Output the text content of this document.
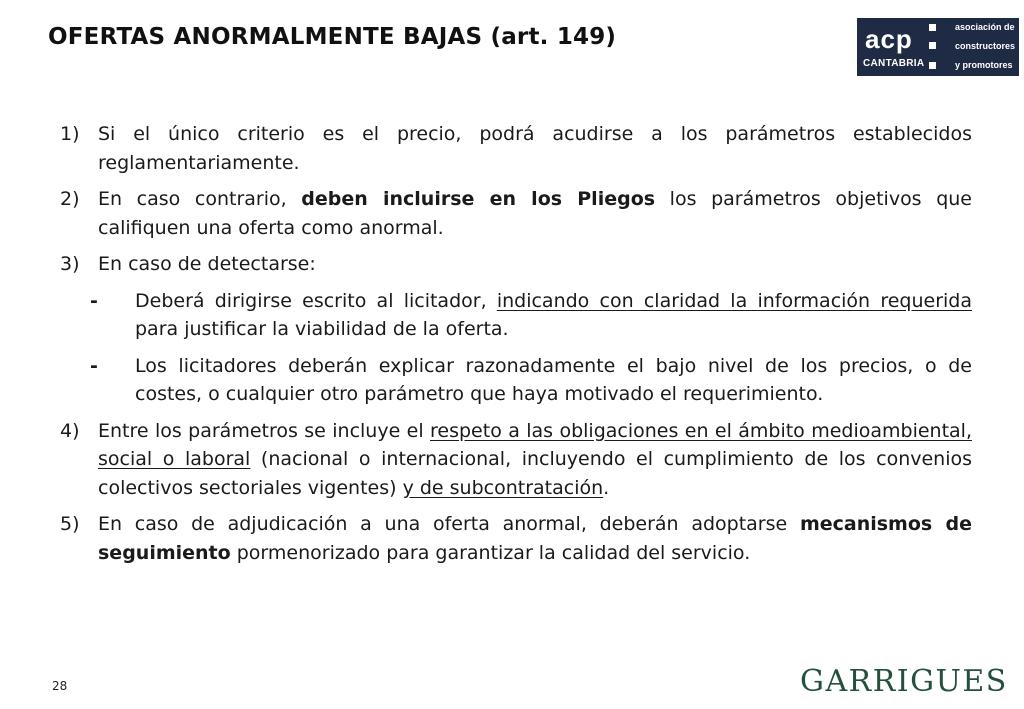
OFERTAS ANORMALMENTE BAJAS (art. 149)	acp
CANTABRIA
asociación de
constructores
y promotores
1) Si el único criterio es el precio, podrá acudirse a los parámetros establecidos reglamentariamente.
2) En caso contrario, deben incluirse en los Pliegos los parámetros objetivos que califiquen una oferta como anormal.
3) En caso de detectarse:
- Deberá dirigirse escrito al licitador, indicando con claridad la información requerida para justificar la viabilidad de la oferta.
- Los licitadores deberán explicar razonadamente el bajo nivel de los precios, o de costes, o cualquier otro parámetro que haya motivado el requerimiento.
4) Entre los parámetros se incluye el respeto a las obligaciones en el ámbito medioambiental, social o laboral (nacional o internacional, incluyendo el cumplimiento de los convenios colectivos sectoriales vigentes) y de subcontratación.
5) En caso de adjudicación a una oferta anormal, deberán adoptarse mecanismos de seguimiento pormenorizado para garantizar la calidad del servicio.
28	GARRIGUES
